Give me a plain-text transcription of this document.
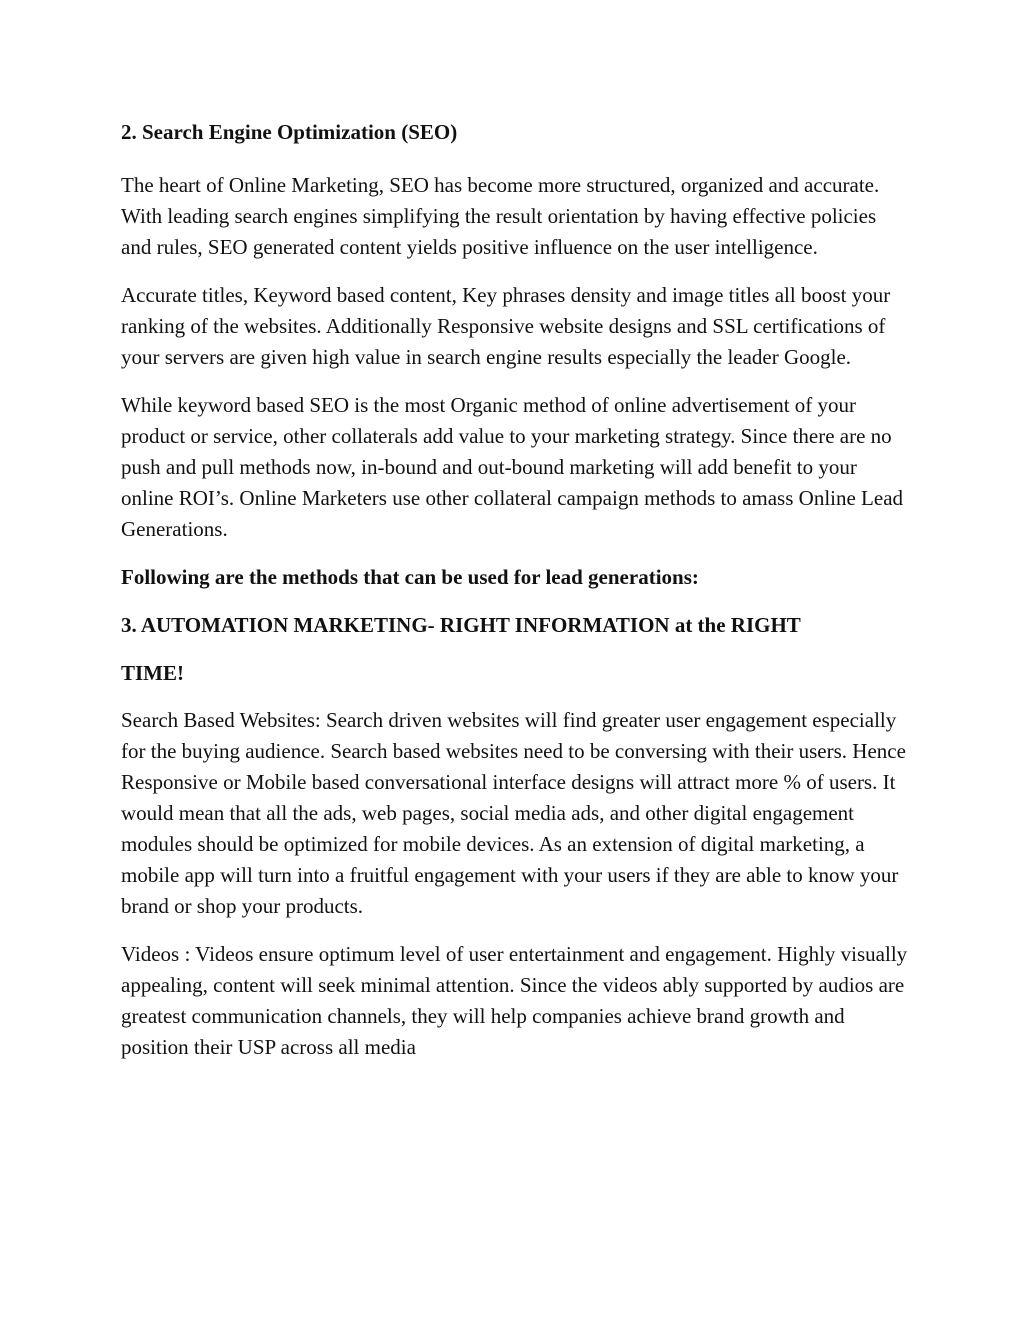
2. Search Engine Optimization (SEO)

The heart of Online Marketing, SEO has become more structured, organized and accurate. With leading search engines simplifying the result orientation by having effective policies and rules, SEO generated content yields positive influence on the user intelligence.

Accurate titles, Keyword based content, Key phrases density and image titles all boost your ranking of the websites. Additionally Responsive website designs and SSL certifications of your servers are given high value in search engine results especially the leader Google.

While keyword based SEO is the most Organic method of online advertisement of your product or service, other collaterals add value to your marketing strategy. Since there are no push and pull methods now, in-bound and out-bound marketing will add benefit to your online ROI’s. Online Marketers use other collateral campaign methods to amass Online Lead Generations.

Following are the methods that can be used for lead generations:

3. AUTOMATION MARKETING- RIGHT INFORMATION at the RIGHT
TIME!

Search Based Websites: Search driven websites will find greater user engagement especially for the buying audience. Search based websites need to be conversing with their users. Hence Responsive or Mobile based conversational interface designs will attract more % of users. It would mean that all the ads, web pages, social media ads, and other digital engagement modules should be optimized for mobile devices. As an extension of digital marketing, a mobile app will turn into a fruitful engagement with your users if they are able to know your brand or shop your products.

Videos : Videos ensure optimum level of user entertainment and engagement. Highly visually appealing, content will seek minimal attention. Since the videos ably supported by audios are greatest communication channels, they will help companies achieve brand growth and position their USP across all media
